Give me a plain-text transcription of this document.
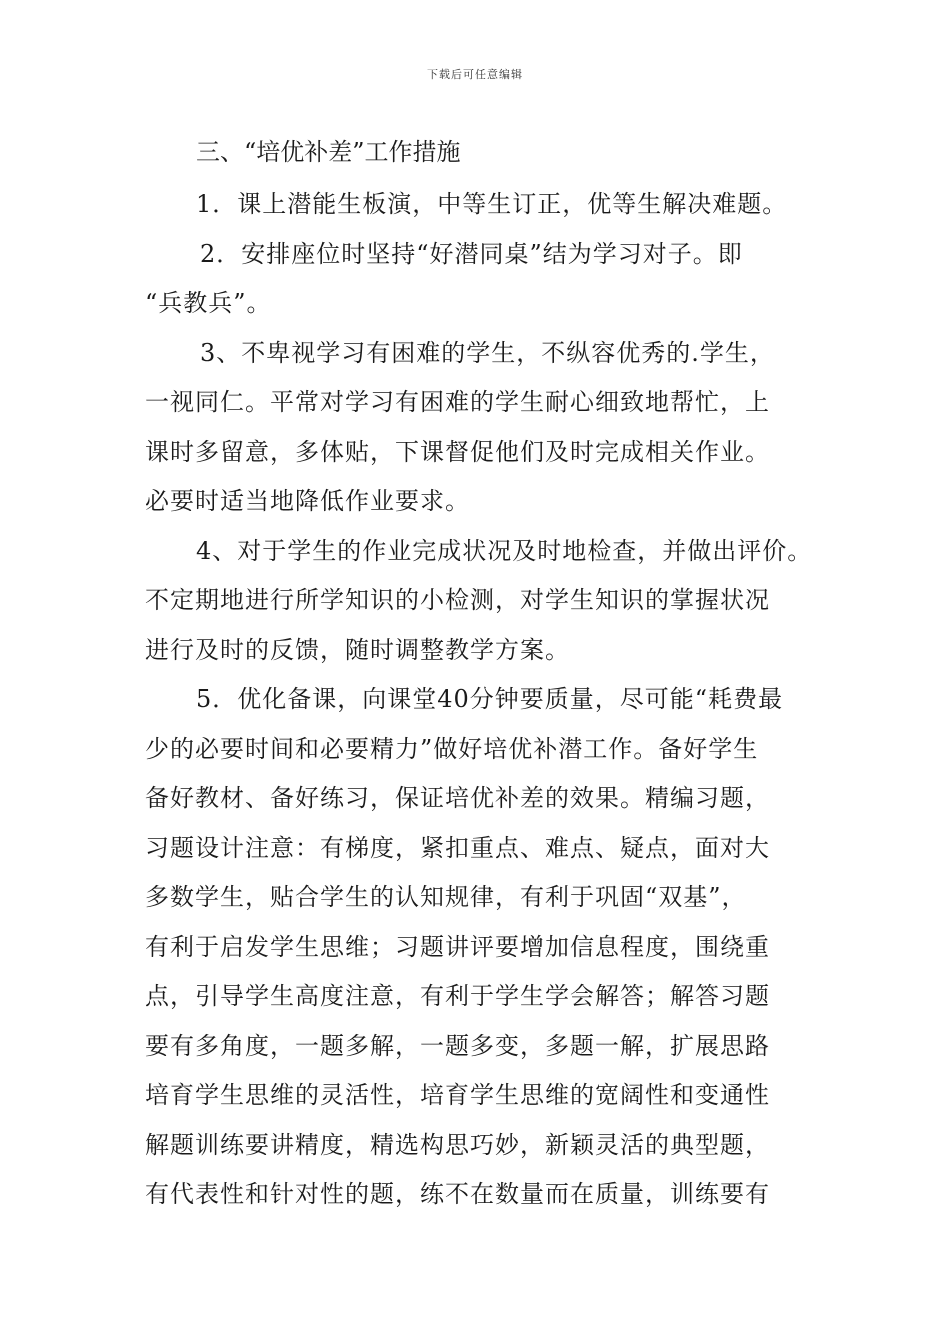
下载后可任意编辑
三、“培优补差”工作措施

1．课上潜能生板演，中等生订正，优等生解决难题。

2．安排座位时坚持“好潜同桌”结为学习对子。即
“兵教兵”。

3、不卑视学习有困难的学生，不纵容优秀的.学生，
一视同仁。平常对学习有困难的学生耐心细致地帮忙，上
课时多留意，多体贴，下课督促他们及时完成相关作业。
必要时适当地降低作业要求。

4、对于学生的作业完成状况及时地检查，并做出评价。
不定期地进行所学知识的小检测，对学生知识的掌握状况
进行及时的反馈，随时调整教学方案。

5．优化备课，向课堂40分钟要质量，尽可能“耗费最
少的必要时间和必要精力”做好培优补潜工作。备好学生
备好教材、备好练习，保证培优补差的效果。精编习题，
习题设计注意：有梯度，紧扣重点、难点、疑点，面对大
多数学生，贴合学生的认知规律，有利于巩固“双基”，
有利于启发学生思维；习题讲评要增加信息程度，围绕重
点，引导学生高度注意，有利于学生学会解答；解答习题
要有多角度，一题多解，一题多变，多题一解，扩展思路
培育学生思维的灵活性，培育学生思维的宽阔性和变通性
解题训练要讲精度，精选构思巧妙，新颖灵活的典型题，
有代表性和针对性的题，练不在数量而在质量，训练要有
